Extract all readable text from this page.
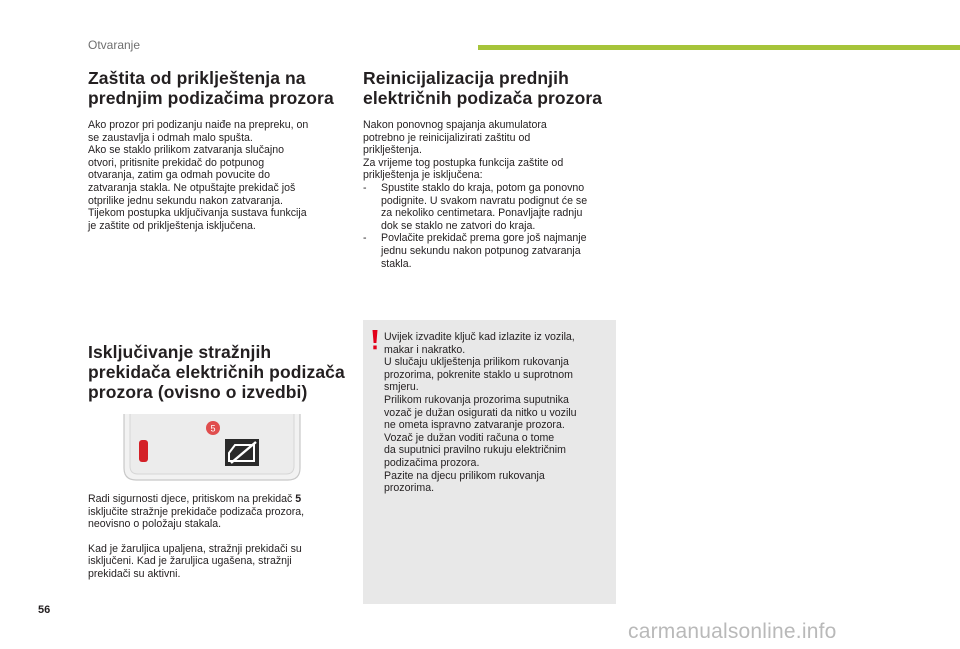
Otvaranje
Zaštita od priklještenja na
prednjim podizačima prozora
Ako prozor pri podizanju naiđe na prepreku, on
se zaustavlja i odmah malo spušta.
Ako se staklo prilikom zatvaranja slučajno
otvori, pritisnite prekidač do potpunog
otvaranja, zatim ga odmah povucite do
zatvaranja stakla. Ne otpuštajte prekidač još
otprilike jednu sekundu nakon zatvaranja.
Tijekom postupka uključivanja sustava funkcija
je zaštite od priklještenja isključena.
Isključivanje stražnjih
prekidača električnih podizača
prozora (ovisno o izvedbi)
5
Radi sigurnosti djece, pritiskom na prekidač 5
isključite stražnje prekidače podizača prozora,
neovisno o položaju stakala.
Kad je žaruljica upaljena, stražnji prekidači su
isključeni. Kad je žaruljica ugašena, stražnji
prekidači su aktivni.
Reinicijalizacija prednjih
električnih podizača prozora
Nakon ponovnog spajanja akumulatora
potrebno je reinicijalizirati zaštitu od
priklještenja.
Za vrijeme tog postupka funkcija zaštite od
priklještenja je isključena:
- Spustite staklo do kraja, potom ga ponovno
podignite. U svakom navratu podignut će se
za nekoliko centimetara. Ponavljajte radnju
dok se staklo ne zatvori do kraja.
- Povlačite prekidač prema gore još najmanje
jednu sekundu nakon potpunog zatvaranja
stakla.
Uvijek izvadite ključ kad izlazite iz vozila,
makar i nakratko.
U slučaju uklještenja prilikom rukovanja
prozorima, pokrenite staklo u suprotnom
smjeru.
Prilikom rukovanja prozorima suputnika
vozač je dužan osigurati da nitko u vozilu
ne ometa ispravno zatvaranje prozora.
Vozač je dužan voditi računa o tome
da suputnici pravilno rukuju električnim
podizačima prozora.
Pazite na djecu prilikom rukovanja
prozorima.
56
carmanualsonline.info
